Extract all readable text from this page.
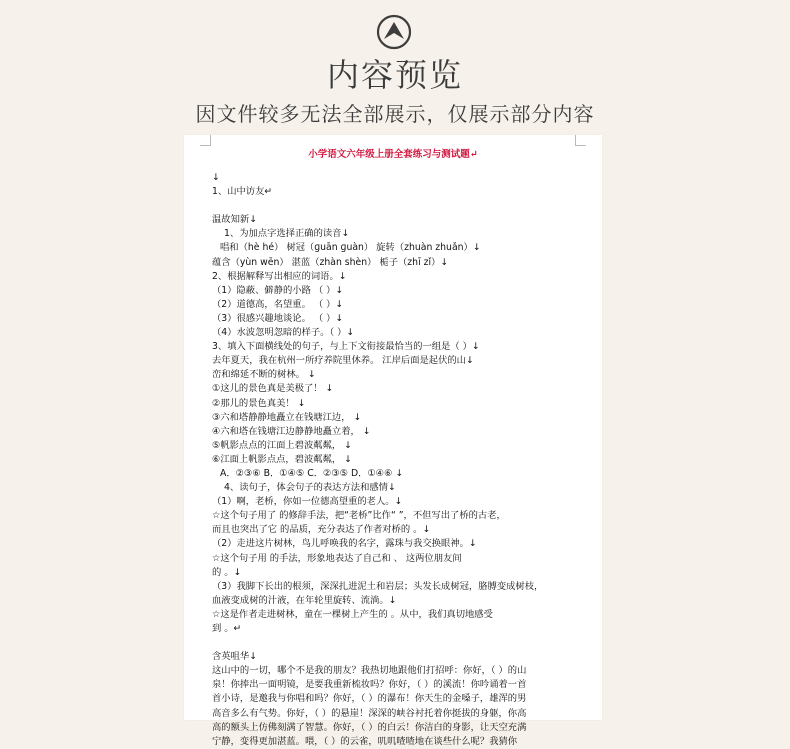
内容预览
因文件较多无法全部展示，仅展示部分内容
小学语文六年级上册全套练习与测试题↵
↓
1、山中访友↵

温故知新↓
1、为加点字选择正确的读音↓
唱和（hè hé） 树冠（ɡuān ɡuàn） 旋转（zhuàn zhuǎn）↓
蕴含（yùn wēn） 湛蓝（zhàn shèn） 栀子（zhī zǐ）↓
2、根据解释写出相应的词语。↓
（1）隐蔽、僻静的小路 （ ）↓
（2）道德高，名望重。 （ ）↓
（3）很感兴趣地谈论。 （ ）↓
（4）水波忽明忽暗的样子。（ ）↓
3、填入下面横线处的句子，与上下文衔接最恰当的一组是（ ）↓
去年夏天，我在杭州一所疗养院里休养。 江岸后面是起伏的山↓
峦和绵延不断的树林。 ↓
①这儿的景色真是美极了！ ↓
②那儿的景色真美！ ↓
③六和塔静静地矗立在钱塘江边， ↓
④六和塔在钱塘江边静静地矗立着， ↓
⑤帆影点点的江面上碧波粼粼， ↓
⑥江面上帆影点点，碧波粼粼， ↓
A．②③⑥ B．①④⑤ C．②③⑤ D．①④⑥ ↓
4、读句子，体会句子的表达方法和感情↓
（1）啊，老桥，你如一位德高望重的老人。↓
☆这个句子用了 的修辞手法，把“老桥”比作“ ”，不但写出了桥的古老，
而且也突出了它 的品质，充分表达了作者对桥的 。↓
（2）走进这片树林，鸟儿呼唤我的名字，露珠与我交换眼神。↓
☆这个句子用 的手法，形象地表达了自己和 、 这两位朋友间
的 。↓
（3）我脚下长出的根须，深深扎进泥土和岩层；头发长成树冠，胳膊变成树枝，
血液变成树的汁液，在年轮里旋转、流淌。↓
☆这是作者走进树林，童在一棵树上产生的 。从中，我们真切地感受
到 。↵

含英咀华↓
这山中的一切，哪个不是我的朋友？我热切地跟他们打招呼：你好，（ ）的山
泉！你捧出一面明镜，是要我重新梳妆吗？你好，（ ）的溪流！你吟诵着一首
首小诗，是邀我与你唱和吗？你好，（ ）的瀑布！你天生的金嗓子，雄浑的男
高音多么有气势。你好，（ ）的悬崖！深深的峡谷衬托着你挺拔的身躯，你高
高的额头上仿佛刻满了智慧。你好，（ ）的白云！你洁白的身影，让天空充满
宁静，变得更加湛蓝。喂，（ ）的云雀，叽叽喳喳地在谈些什么呢？我猜你
